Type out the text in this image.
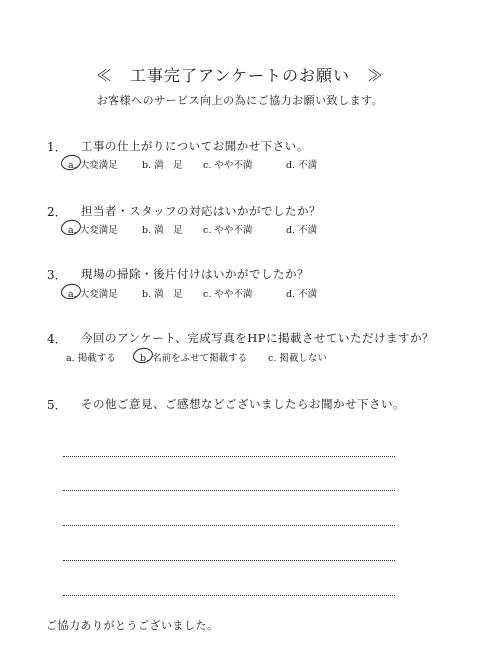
≪　工事完了アンケートのお願い　≫
お客様へのサービス向上の為にご協力お願い致します。
1． 工事の仕上がりについてお聞かせ下さい。
a. 大変満足	b. 満　足 c. やや不満	d. 不満
2． 担当者・スタッフの対応はいかがでしたか？
a. 大変満足	b. 満　足 c. やや不満	d. 不満
3． 現場の掃除・後片付けはいかがでしたか？
a. 大変満足	b. 満　足 c. やや不満	d. 不満
4． 今回のアンケート、完成写真をHPに掲載させていただけますか？
a. 掲載する	b. 名前をふせて掲載する c. 掲載しない
5． その他ご意見、ご感想などございましたらお聞かせ下さい。
ご協力ありがとうございました。
